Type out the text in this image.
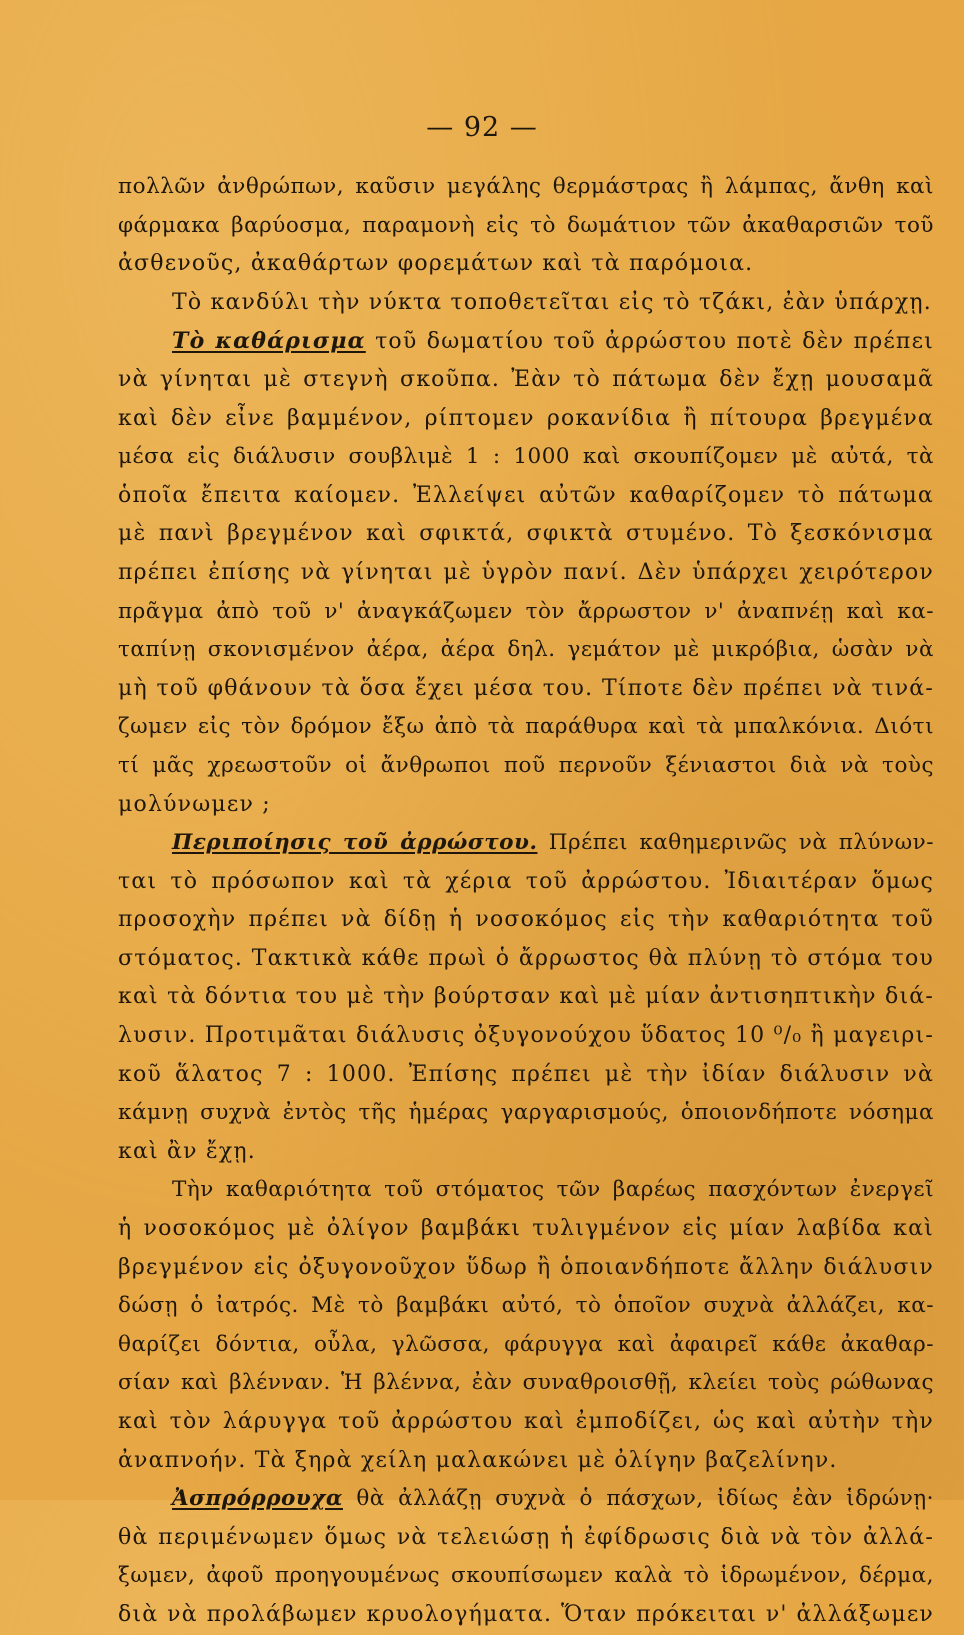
— 92 —
πολλῶν ἀνθρώπων, καῦσιν μεγάλης θερμάστρας ἢ λάμπας, ἄνθη καὶ
φάρμακα βαρύοσμα, παραμονὴ εἰς τὸ δωμάτιον τῶν ἀκαθαρσιῶν τοῦ
ἀσθενοῦς, ἀκαθάρτων φορεμάτων καὶ τὰ παρόμοια.
Τὸ κανδύλι τὴν νύκτα τοποθετεῖται εἰς τὸ τζάκι, ἐὰν ὑπάρχῃ.
Τὸ καθάρισμα τοῦ δωματίου τοῦ ἀρρώστου ποτὲ δὲν πρέπει
νὰ γίνηται μὲ στεγνὴ σκοῦπα. Ἐὰν τὸ πάτωμα δὲν ἔχῃ μουσαμᾶ
καὶ δὲν εἶνε βαμμένον, ρίπτομεν ροκανίδια ἢ πίτουρα βρεγμένα
μέσα εἰς διάλυσιν σουβλιμὲ 1 : 1000 καὶ σκουπίζομεν μὲ αὐτά, τὰ
ὁποῖα ἔπειτα καίομεν. Ἐλλείψει αὐτῶν καθαρίζομεν τὸ πάτωμα
μὲ πανὶ βρεγμένον καὶ σφικτά, σφικτὰ στυμένο. Τὸ ξεσκόνισμα
πρέπει ἐπίσης νὰ γίνηται μὲ ὑγρὸν πανί. Δὲν ὑπάρχει χειρότερον
πρᾶγμα ἀπὸ τοῦ ν' ἀναγκάζωμεν τὸν ἄρρωστον ν' ἀναπνέῃ καὶ κα-
ταπίνῃ σκονισμένον ἀέρα, ἀέρα δηλ. γεμάτον μὲ μικρόβια, ὡσὰν νὰ
μὴ τοῦ φθάνουν τὰ ὅσα ἔχει μέσα του. Τίποτε δὲν πρέπει νὰ τινά-
ζωμεν εἰς τὸν δρόμον ἔξω ἀπὸ τὰ παράθυρα καὶ τὰ μπαλκόνια. Διότι
τί μᾶς χρεωστοῦν οἱ ἄνθρωποι ποῦ περνοῦν ξένιαστοι διὰ νὰ τοὺς
μολύνωμεν ;
Περιποίησις τοῦ ἀρρώστου. Πρέπει καθημερινῶς νὰ πλύνων-
ται τὸ πρόσωπον καὶ τὰ χέρια τοῦ ἀρρώστου. Ἰδιαιτέραν ὅμως
προσοχὴν πρέπει νὰ δίδῃ ἡ νοσοκόμος εἰς τὴν καθαριότητα τοῦ
στόματος. Τακτικὰ κάθε πρωὶ ὁ ἄρρωστος θὰ πλύνῃ τὸ στόμα του
καὶ τὰ δόντια του μὲ τὴν βούρτσαν καὶ μὲ μίαν ἀντισηπτικὴν διά-
λυσιν. Προτιμᾶται διάλυσις ὀξυγονούχου ὕδατος 10 ⁰/₀ ἢ μαγειρι-
κοῦ ἅλατος 7 : 1000. Ἐπίσης πρέπει μὲ τὴν ἰδίαν διάλυσιν νὰ
κάμνῃ συχνὰ ἐντὸς τῆς ἡμέρας γαργαρισμούς, ὁποιονδήποτε νόσημα
καὶ ἂν ἔχῃ.
Τὴν καθαριότητα τοῦ στόματος τῶν βαρέως πασχόντων ἐνεργεῖ
ἡ νοσοκόμος μὲ ὀλίγον βαμβάκι τυλιγμένον εἰς μίαν λαβίδα καὶ
βρεγμένον εἰς ὀξυγονοῦχον ὕδωρ ἢ ὁποιανδήποτε ἄλλην διάλυσιν
δώσῃ ὁ ἰατρός. Μὲ τὸ βαμβάκι αὐτό, τὸ ὁποῖον συχνὰ ἀλλάζει, κα-
θαρίζει δόντια, οὖλα, γλῶσσα, φάρυγγα καὶ ἀφαιρεῖ κάθε ἀκαθαρ-
σίαν καὶ βλένναν. Ἡ βλέννα, ἐὰν συναθροισθῇ, κλείει τοὺς ρώθωνας
καὶ τὸν λάρυγγα τοῦ ἀρρώστου καὶ ἐμποδίζει, ὡς καὶ αὐτὴν τὴν
ἀναπνοήν. Τὰ ξηρὰ χείλη μαλακώνει μὲ ὀλίγην βαζελίνην.
Ἀσπρόρρουχα θὰ ἀλλάζῃ συχνὰ ὁ πάσχων, ἰδίως ἐὰν ἱδρώνῃ·
θὰ περιμένωμεν ὅμως νὰ τελειώσῃ ἡ ἐφίδρωσις διὰ νὰ τὸν ἀλλά-
ξωμεν, ἀφοῦ προηγουμένως σκουπίσωμεν καλὰ τὸ ἱδρωμένον, δέρμα,
διὰ νὰ προλάβωμεν κρυολογήματα. Ὅταν πρόκειται ν' ἀλλάξωμεν
